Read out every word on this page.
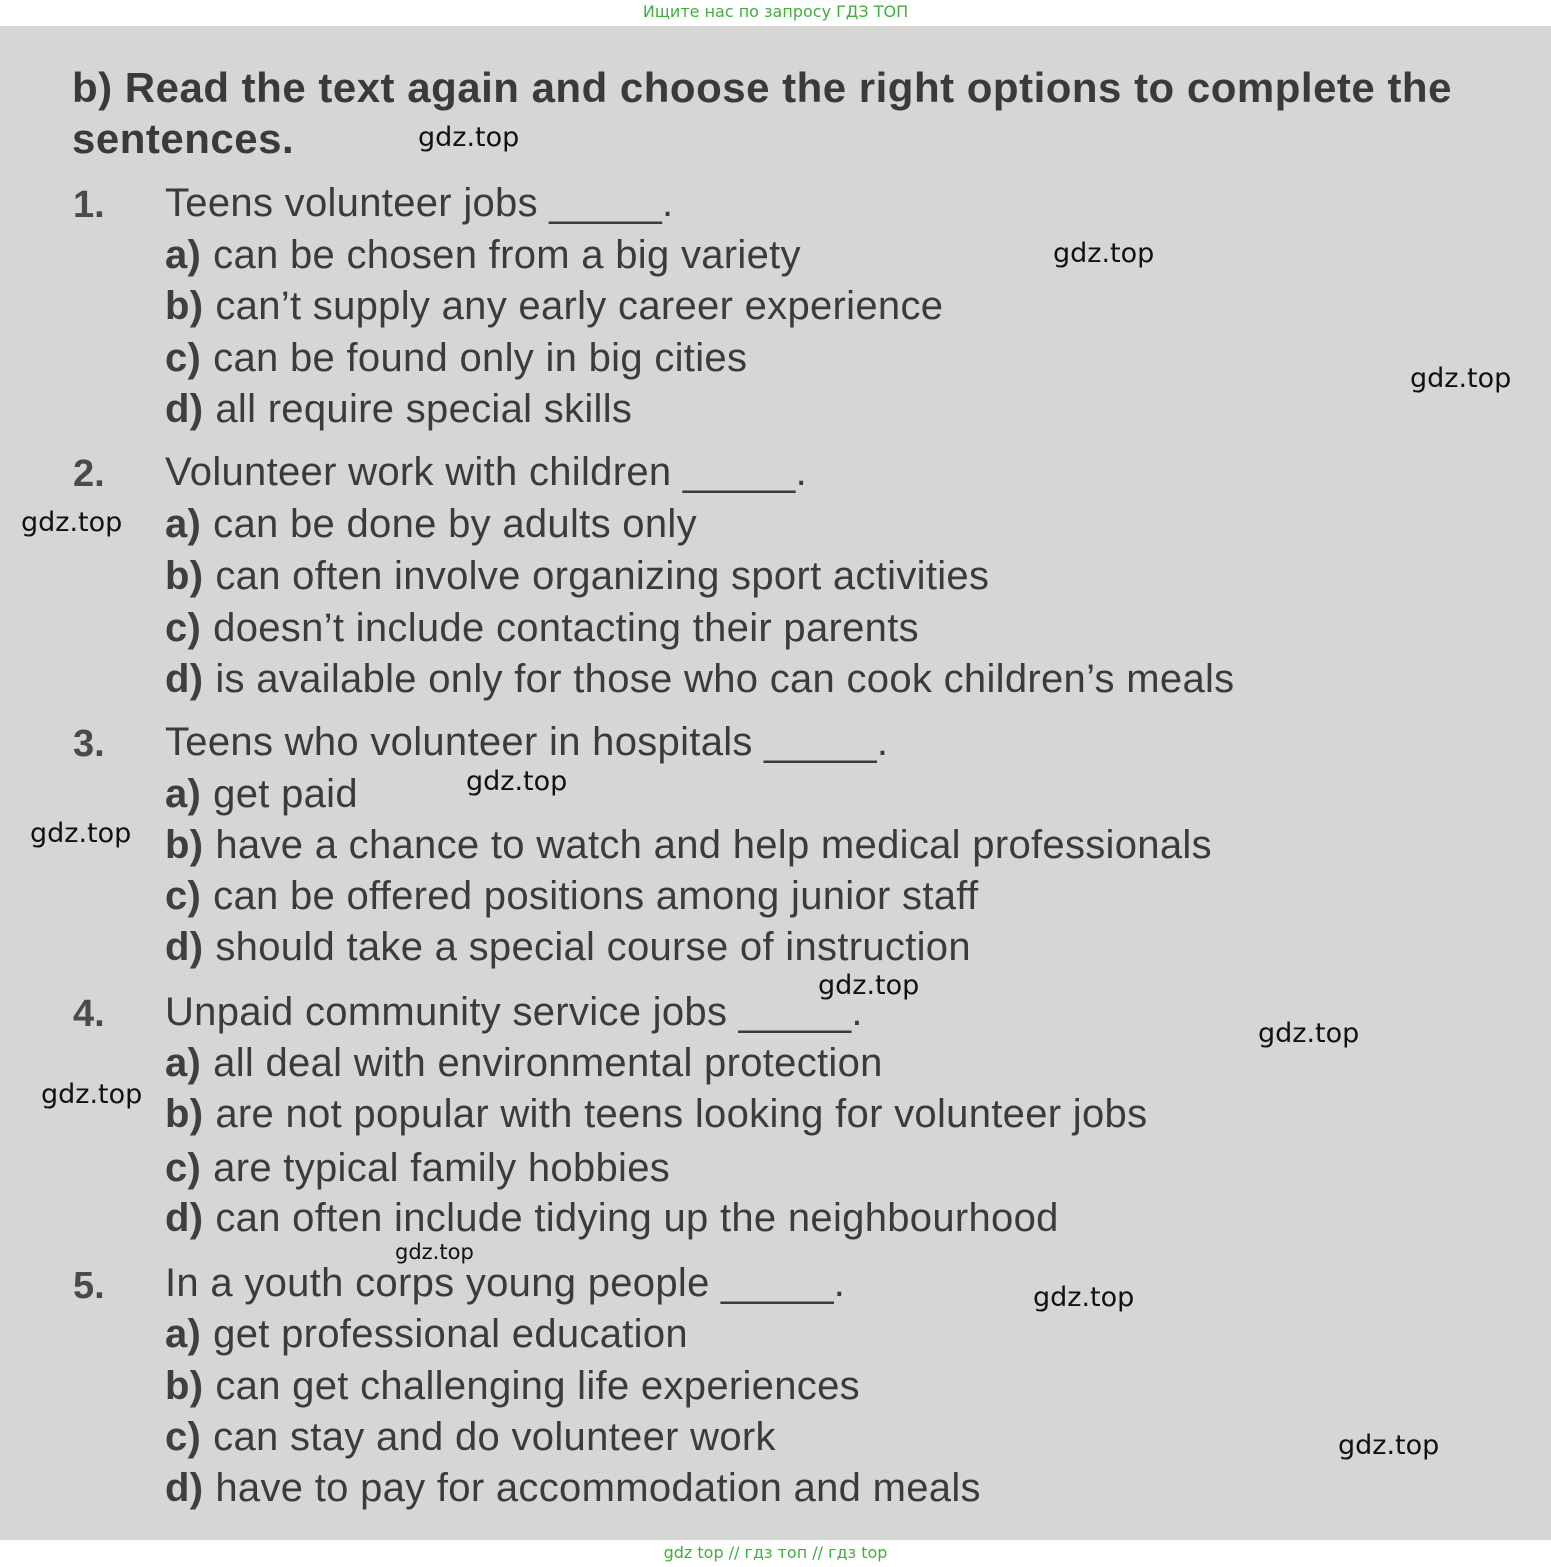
Ищите нас по запросу ГДЗ ТОП
b) Read the text again and choose the right options to complete the sentences.
1. Teens volunteer jobs _____.
a) can be chosen from a big variety
b) can’t supply any early career experience
c) can be found only in big cities
d) all require special skills
2. Volunteer work with children _____.
a) can be done by adults only
b) can often involve organizing sport activities
c) doesn’t include contacting their parents
d) is available only for those who can cook children’s meals
3. Teens who volunteer in hospitals _____.
a) get paid
b) have a chance to watch and help medical professionals
c) can be offered positions among junior staff
d) should take a special course of instruction
4. Unpaid community service jobs _____.
a) all deal with environmental protection
b) are not popular with teens looking for volunteer jobs
c) are typical family hobbies
d) can often include tidying up the neighbourhood
5. In a youth corps young people _____.
a) get professional education
b) can get challenging life experiences
c) can stay and do volunteer work
d) have to pay for accommodation and meals
gdz.top
gdz.top
gdz.top
gdz.top
gdz.top
gdz.top
gdz.top
gdz.top
gdz.top
gdz.top
gdz.top
gdz.top
gdz top // гдз топ // гдз top
